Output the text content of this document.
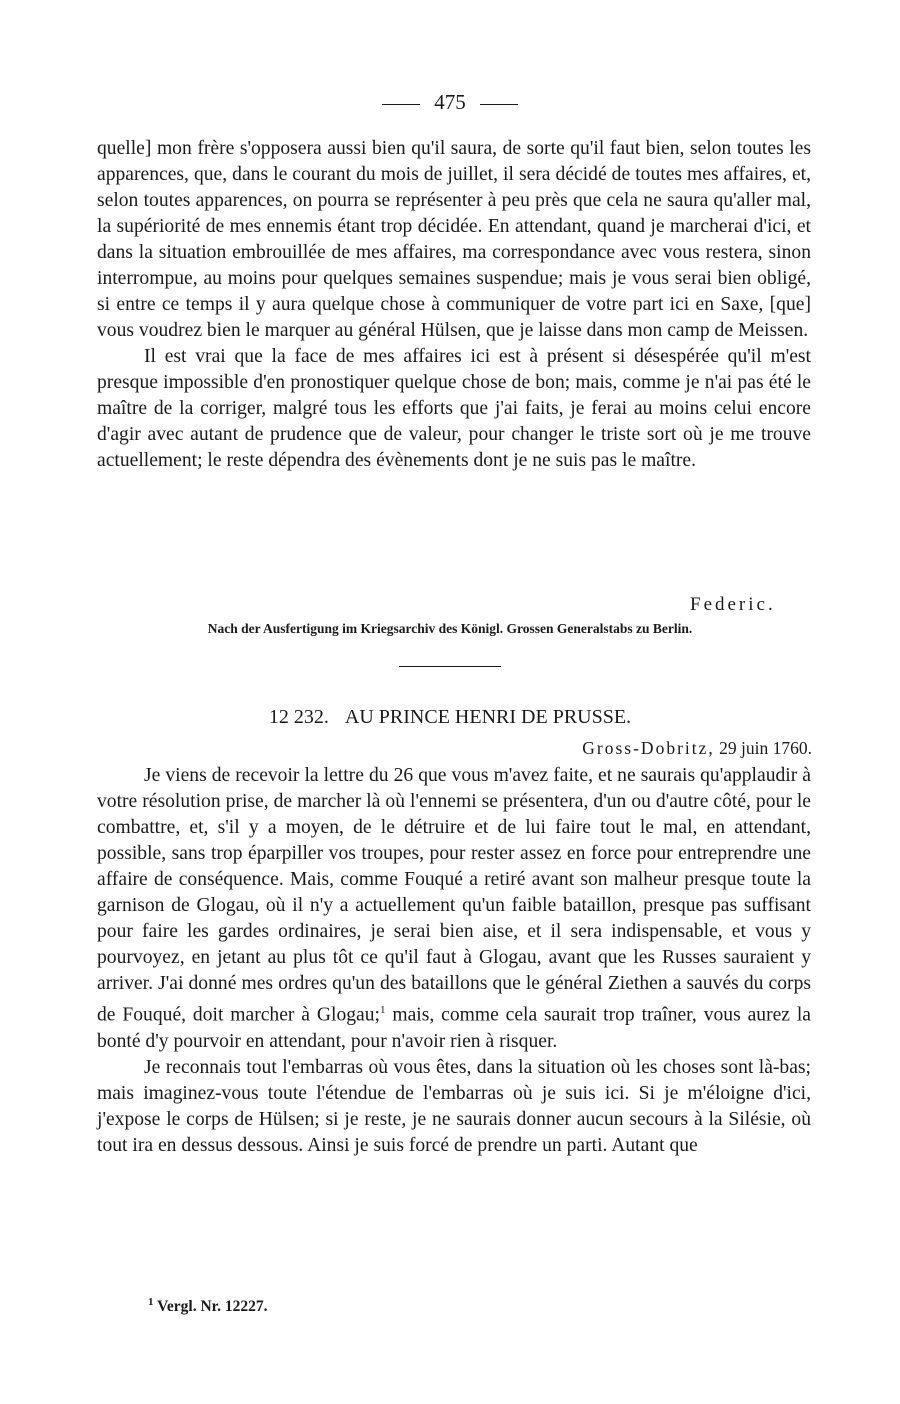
475

quelle] mon frère s'opposera aussi bien qu'il saura, de sorte qu'il faut bien, selon toutes les apparences, que, dans le courant du mois de juillet, il sera décidé de toutes mes affaires, et, selon toutes apparences, on pourra se représenter à peu près que cela ne saura qu'aller mal, la supériorité de mes ennemis étant trop décidée. En attendant, quand je marcherai d'ici, et dans la situation embrouillée de mes affaires, ma correspondance avec vous restera, sinon interrompue, au moins pour quelques semaines suspendue; mais je vous serai bien obligé, si entre ce temps il y aura quelque chose à communiquer de votre part ici en Saxe, [que] vous voudrez bien le marquer au général Hülsen, que je laisse dans mon camp de Meissen.

Il est vrai que la face de mes affaires ici est à présent si désespérée qu'il m'est presque impossible d'en pronostiquer quelque chose de bon; mais, comme je n'ai pas été le maître de la corriger, malgré tous les efforts que j'ai faits, je ferai au moins celui encore d'agir avec autant de prudence que de valeur, pour changer le triste sort où je me trouve actuellement; le reste dépendra des évènements dont je ne suis pas le maître.

Federic.
Nach der Ausfertigung im Kriegsarchiv des Königl. Grossen Generalstabs zu Berlin.
12 232. AU PRINCE HENRI DE PRUSSE.
Gross-Dobritz, 29 juin 1760.

Je viens de recevoir la lettre du 26 que vous m'avez faite, et ne saurais qu'applaudir à votre résolution prise, de marcher là où l'ennemi se présentera, d'un ou d'autre côté, pour le combattre, et, s'il y a moyen, de le détruire et de lui faire tout le mal, en attendant, possible, sans trop éparpiller vos troupes, pour rester assez en force pour entreprendre une affaire de conséquence. Mais, comme Fouqué a retiré avant son malheur presque toute la garnison de Glogau, où il n'y a actuellement qu'un faible bataillon, presque pas suffisant pour faire les gardes ordinaires, je serai bien aise, et il sera indispensable, et vous y pourvoyez, en jetant au plus tôt ce qu'il faut à Glogau, avant que les Russes sauraient y arriver. J'ai donné mes ordres qu'un des bataillons que le général Ziethen a sauvés du corps de Fouqué, doit marcher à Glogau;$^1$ mais, comme cela saurait trop traîner, vous aurez la bonté d'y pourvoir en attendant, pour n'avoir rien à risquer.

Je reconnais tout l'embarras où vous êtes, dans la situation où les choses sont là-bas; mais imaginez-vous toute l'étendue de l'embarras où je suis ici. Si je m'éloigne d'ici, j'expose le corps de Hülsen; si je reste, je ne saurais donner aucun secours à la Silésie, où tout ira en dessus dessous. Ainsi je suis forcé de prendre un parti. Autant que

$^1$ Vergl. Nr. 12227.
